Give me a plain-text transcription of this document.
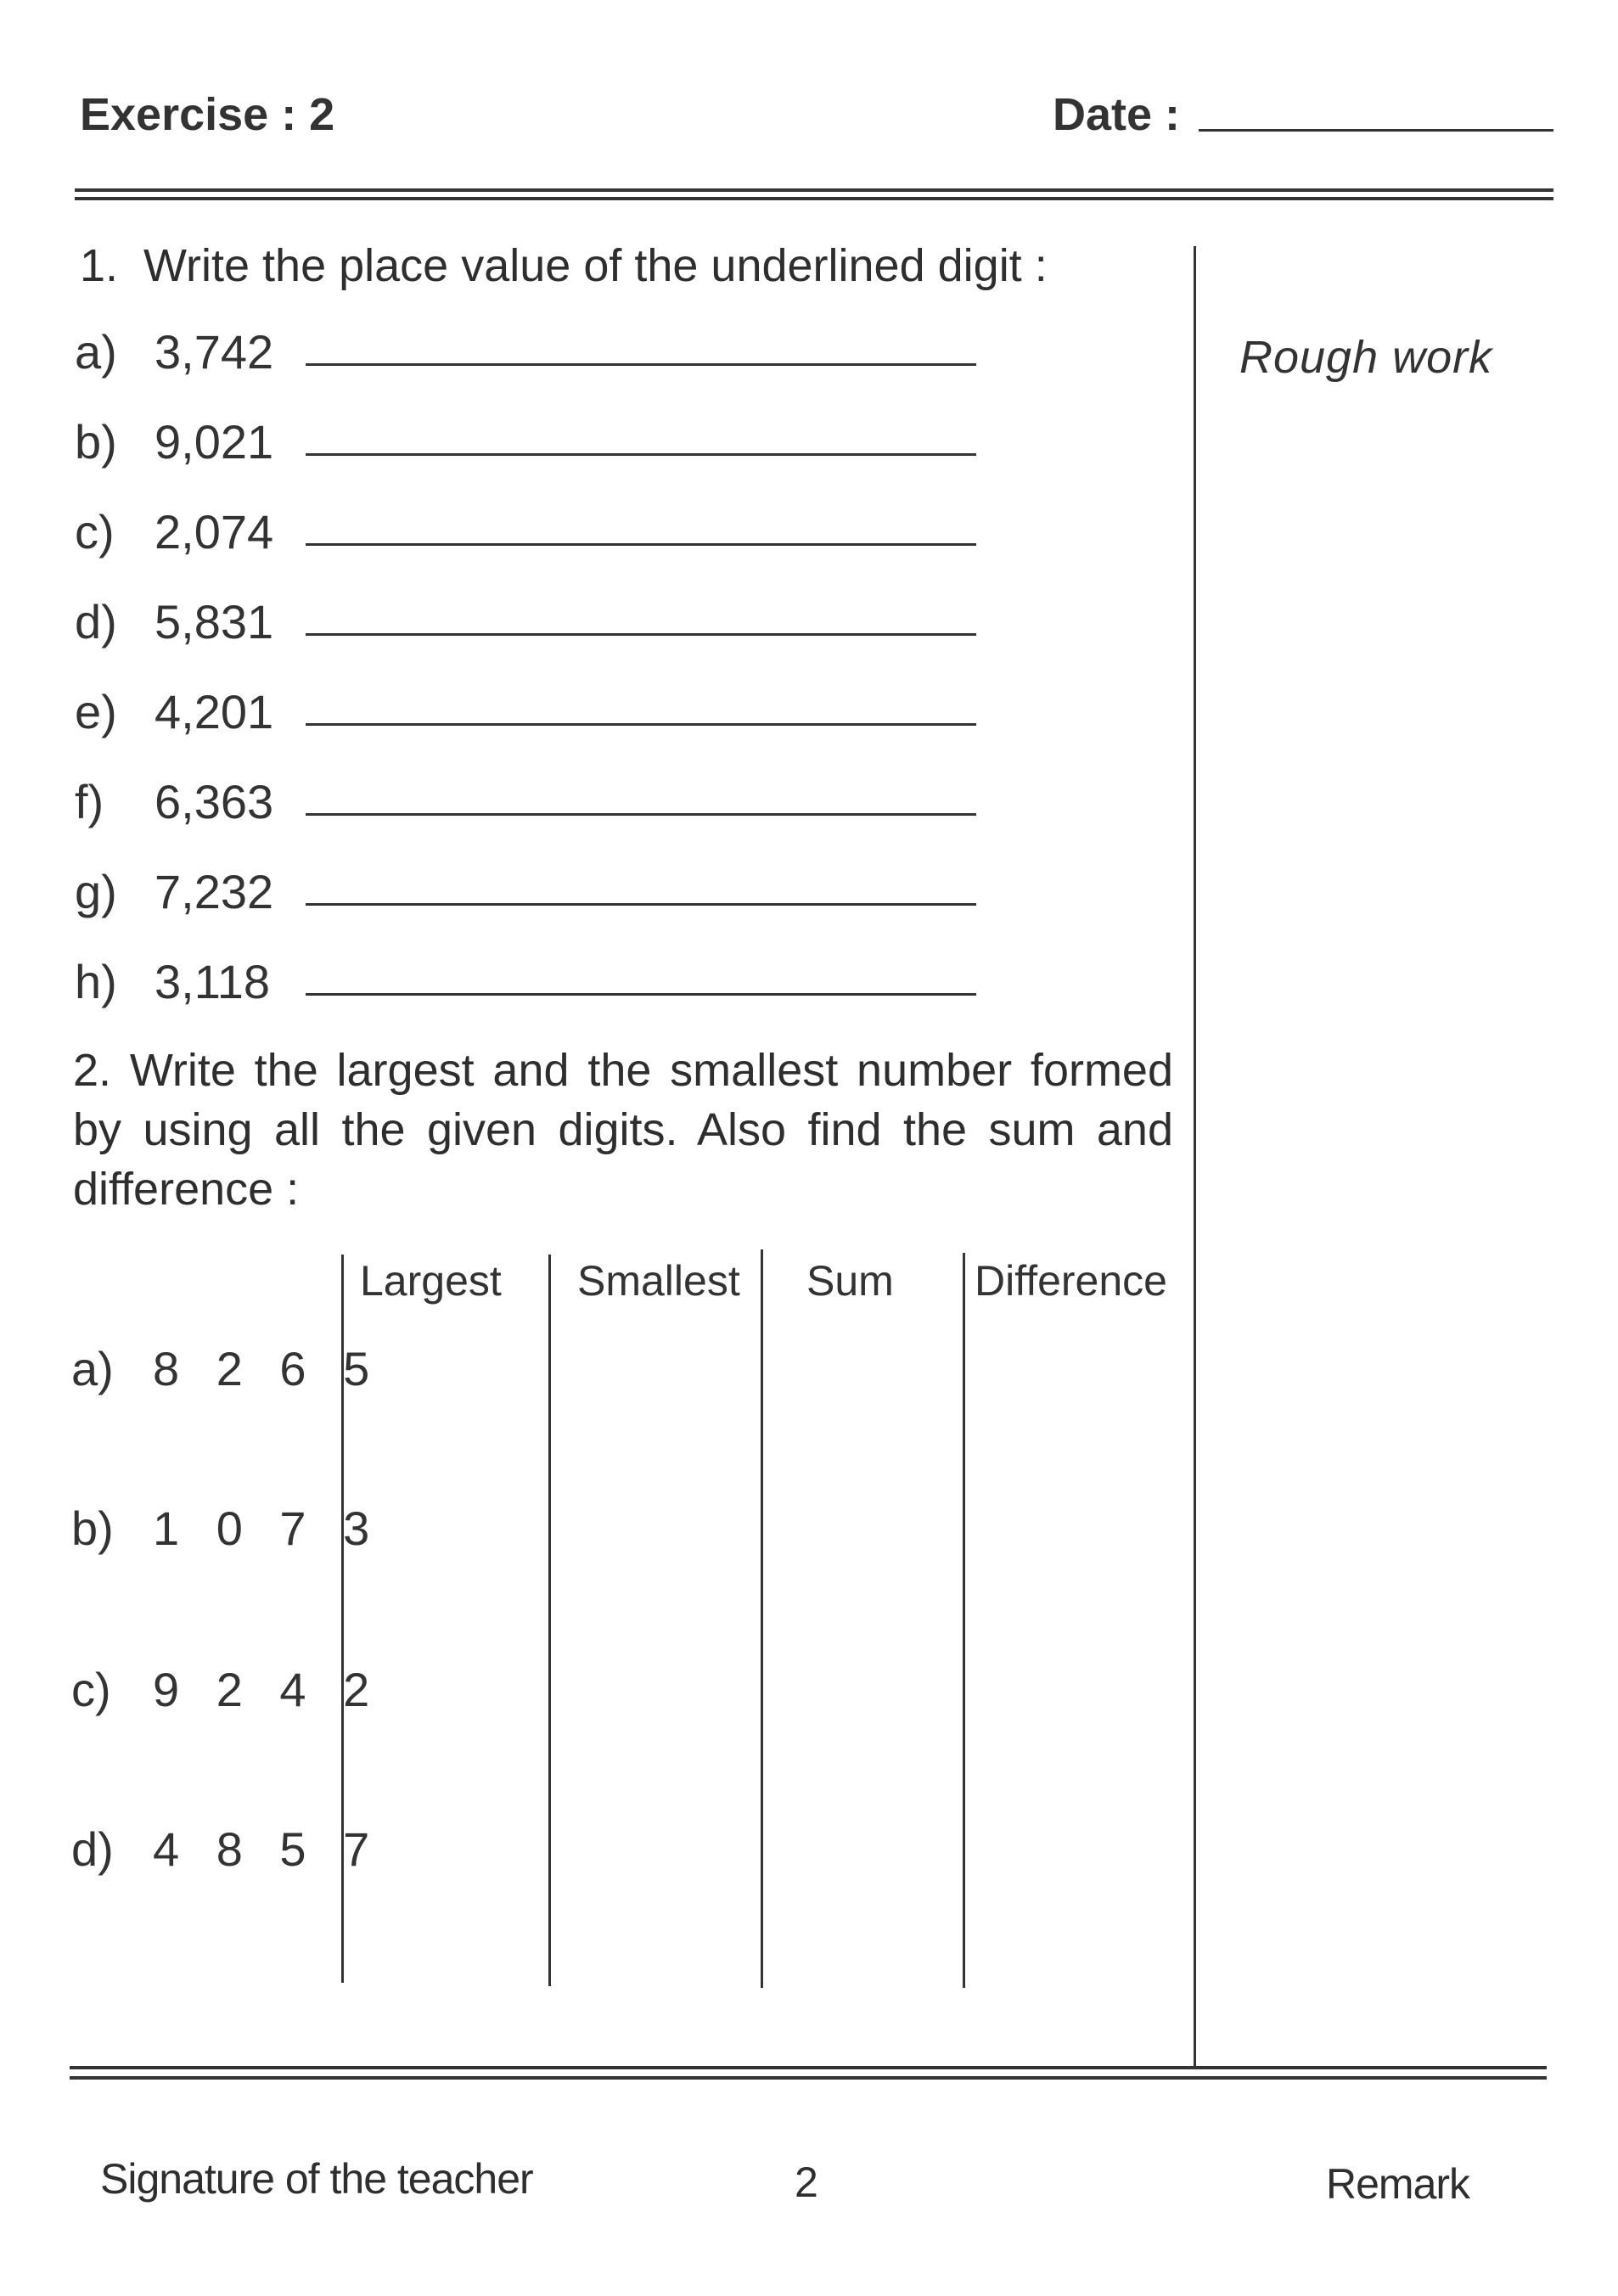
Exercise : 2	Date :
Rough work
1.  Write the place value of the underlined digit :
a) 3,742
b) 9,021
c) 2,074
d) 5,831
e) 4,201
f) 6,363
g) 7,232
h) 3,118
2. Write the largest and the smallest number formed by using all the given digits. Also find the sum and difference :
Largest Smallest Sum Difference
a) 8 2 6 5
b) 1 0 7 3
c) 9 2 4 2
d) 4 8 5 7
Signature of the teacher	2	Remark
